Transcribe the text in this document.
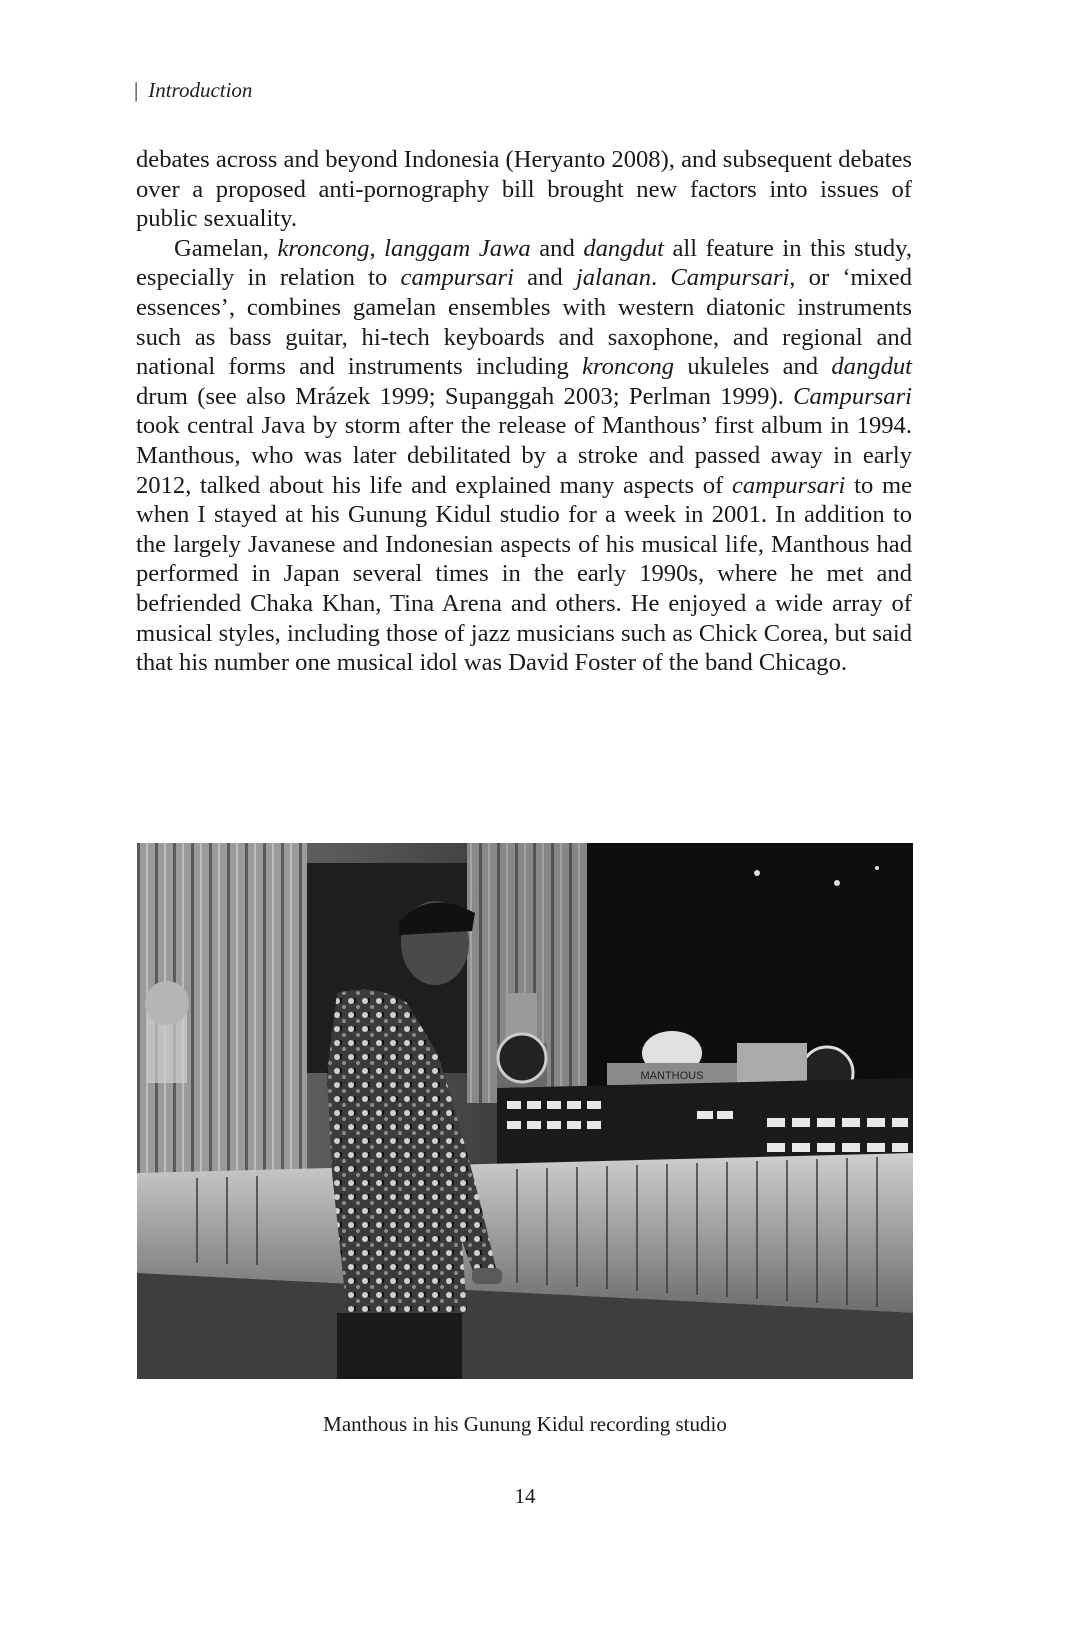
| Introduction

debates across and beyond Indonesia (Heryanto 2008), and subsequent debates over a proposed anti-pornography bill brought new factors into issues of public sexuality.

Gamelan, kroncong, langgam Jawa and dangdut all feature in this study, especially in relation to campursari and jalanan. Campursari, or ‘mixed essences’, combines gamelan ensembles with western diatonic instruments such as bass guitar, hi-tech keyboards and saxophone, and regional and national forms and instruments including kroncong ukuleles and dangdut drum (see also Mrázek 1999; Supanggah 2003; Perlman 1999). Campursari took central Java by storm after the release of Manthous’ first album in 1994. Manthous, who was later debilitated by a stroke and passed away in early 2012, talked about his life and explained many aspects of campursari to me when I stayed at his Gunung Kidul studio for a week in 2001. In addition to the largely Javanese and Indonesian aspects of his musical life, Manthous had performed in Japan several times in the early 1990s, where he met and befriended Chaka Khan, Tina Arena and others. He enjoyed a wide array of musical styles, including those of jazz musicians such as Chick Corea, but said that his number one musical idol was David Foster of the band Chicago.

MANTHOUS
Manthous in his Gunung Kidul recording studio
14
